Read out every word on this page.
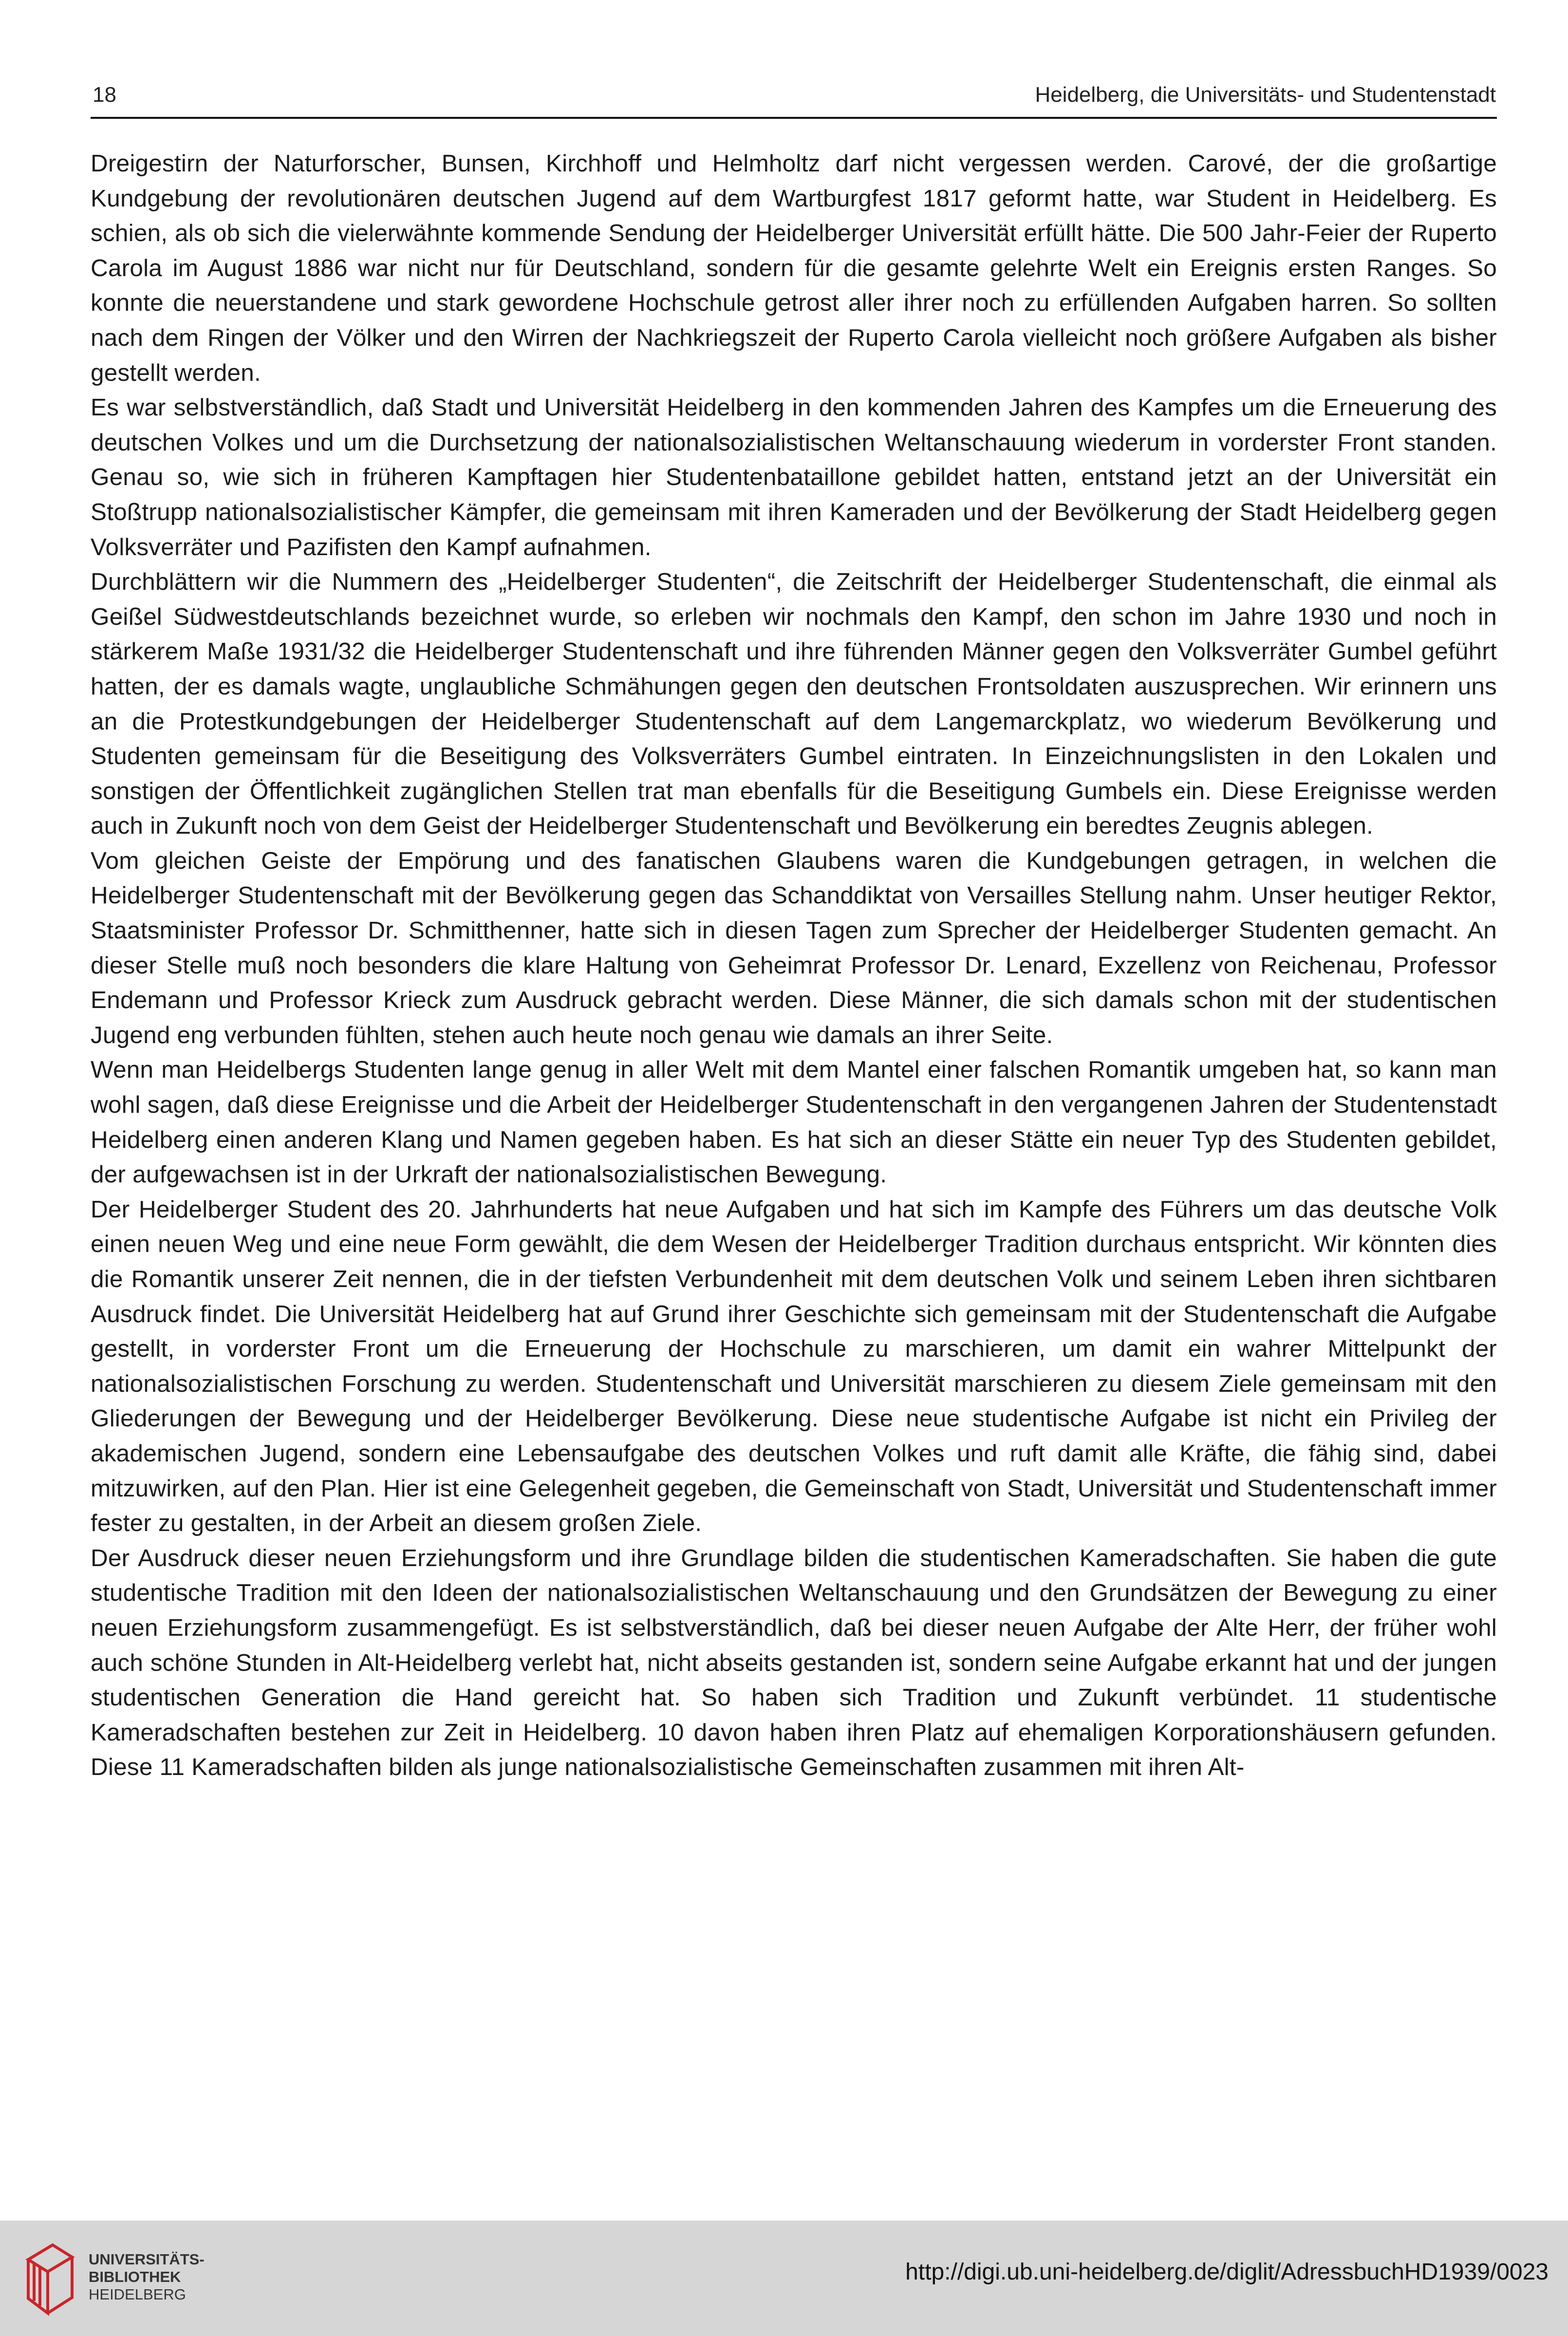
18	Heidelberg, die Universitäts- und Studentenstadt

Dreigestirn der Naturforscher, Bunsen, Kirchhoff und Helmholtz darf nicht vergessen werden. Carové, der die großartige Kundgebung der revolutionären deutschen Jugend auf dem Wartburgfest 1817 geformt hatte, war Student in Heidelberg. Es schien, als ob sich die vielerwähnte kommende Sendung der Heidelberger Universität erfüllt hätte. Die 500 Jahr-Feier der Ruperto Carola im August 1886 war nicht nur für Deutschland, sondern für die gesamte gelehrte Welt ein Ereignis ersten Ranges. So konnte die neuerstandene und stark gewordene Hochschule getrost aller ihrer noch zu erfüllenden Aufgaben harren. So sollten nach dem Ringen der Völker und den Wirren der Nachkriegszeit der Ruperto Carola vielleicht noch größere Aufgaben als bisher gestellt werden.

Es war selbstverständlich, daß Stadt und Universität Heidelberg in den kommenden Jahren des Kampfes um die Erneuerung des deutschen Volkes und um die Durchsetzung der nationalsozialistischen Weltanschauung wiederum in vorderster Front standen. Genau so, wie sich in früheren Kampftagen hier Studentenbataillone gebildet hatten, entstand jetzt an der Universität ein Stoßtrupp nationalsozialistischer Kämpfer, die gemeinsam mit ihren Kameraden und der Bevölkerung der Stadt Heidelberg gegen Volksverräter und Pazifisten den Kampf aufnahmen.

Durchblättern wir die Nummern des „Heidelberger Studenten“, die Zeitschrift der Heidelberger Studentenschaft, die einmal als Geißel Südwestdeutschlands bezeichnet wurde, so erleben wir nochmals den Kampf, den schon im Jahre 1930 und noch in stärkerem Maße 1931/32 die Heidelberger Studentenschaft und ihre führenden Männer gegen den Volksverräter Gumbel geführt hatten, der es damals wagte, unglaubliche Schmähungen gegen den deutschen Frontsoldaten auszusprechen. Wir erinnern uns an die Protestkundgebungen der Heidelberger Studentenschaft auf dem Langemarckplatz, wo wiederum Bevölkerung und Studenten gemeinsam für die Beseitigung des Volksverräters Gumbel eintraten. In Einzeichnungslisten in den Lokalen und sonstigen der Öffentlichkeit zugänglichen Stellen trat man ebenfalls für die Beseitigung Gumbels ein. Diese Ereignisse werden auch in Zukunft noch von dem Geist der Heidelberger Studentenschaft und Bevölkerung ein beredtes Zeugnis ablegen.

Vom gleichen Geiste der Empörung und des fanatischen Glaubens waren die Kundgebungen getragen, in welchen die Heidelberger Studentenschaft mit der Bevölkerung gegen das Schanddiktat von Versailles Stellung nahm. Unser heutiger Rektor, Staatsminister Professor Dr. Schmitthenner, hatte sich in diesen Tagen zum Sprecher der Heidelberger Studenten gemacht. An dieser Stelle muß noch besonders die klare Haltung von Geheimrat Professor Dr. Lenard, Exzellenz von Reichenau, Professor Endemann und Professor Krieck zum Ausdruck gebracht werden. Diese Männer, die sich damals schon mit der studentischen Jugend eng verbunden fühlten, stehen auch heute noch genau wie damals an ihrer Seite.

Wenn man Heidelbergs Studenten lange genug in aller Welt mit dem Mantel einer falschen Romantik umgeben hat, so kann man wohl sagen, daß diese Ereignisse und die Arbeit der Heidelberger Studentenschaft in den vergangenen Jahren der Studentenstadt Heidelberg einen anderen Klang und Namen gegeben haben. Es hat sich an dieser Stätte ein neuer Typ des Studenten gebildet, der aufgewachsen ist in der Urkraft der nationalsozialistischen Bewegung.

Der Heidelberger Student des 20. Jahrhunderts hat neue Aufgaben und hat sich im Kampfe des Führers um das deutsche Volk einen neuen Weg und eine neue Form gewählt, die dem Wesen der Heidelberger Tradition durchaus entspricht. Wir könnten dies die Romantik unserer Zeit nennen, die in der tiefsten Verbundenheit mit dem deutschen Volk und seinem Leben ihren sichtbaren Ausdruck findet. Die Universität Heidelberg hat auf Grund ihrer Geschichte sich gemeinsam mit der Studentenschaft die Aufgabe gestellt, in vorderster Front um die Erneuerung der Hochschule zu marschieren, um damit ein wahrer Mittelpunkt der nationalsozialistischen Forschung zu werden. Studentenschaft und Universität marschieren zu diesem Ziele gemeinsam mit den Gliederungen der Bewegung und der Heidelberger Bevölkerung. Diese neue studentische Aufgabe ist nicht ein Privileg der akademischen Jugend, sondern eine Lebensaufgabe des deutschen Volkes und ruft damit alle Kräfte, die fähig sind, dabei mitzuwirken, auf den Plan. Hier ist eine Gelegenheit gegeben, die Gemeinschaft von Stadt, Universität und Studentenschaft immer fester zu gestalten, in der Arbeit an diesem großen Ziele.

Der Ausdruck dieser neuen Erziehungsform und ihre Grundlage bilden die studentischen Kameradschaften. Sie haben die gute studentische Tradition mit den Ideen der nationalsozialistischen Weltanschauung und den Grundsätzen der Bewegung zu einer neuen Erziehungsform zusammengefügt. Es ist selbstverständlich, daß bei dieser neuen Aufgabe der Alte Herr, der früher wohl auch schöne Stunden in Alt-Heidelberg verlebt hat, nicht abseits gestanden ist, sondern seine Aufgabe erkannt hat und der jungen studentischen Generation die Hand gereicht hat. So haben sich Tradition und Zukunft verbündet. 11 studentische Kameradschaften bestehen zur Zeit in Heidelberg. 10 davon haben ihren Platz auf ehemaligen Korporationshäusern gefunden. Diese 11 Kameradschaften bilden als junge nationalsozialistische Gemeinschaften zusammen mit ihren Alt-

UNIVERSITÄTS-
BIBLIOTHEK
HEIDELBERG
http://digi.ub.uni-heidelberg.de/diglit/AdressbuchHD1939/0023
